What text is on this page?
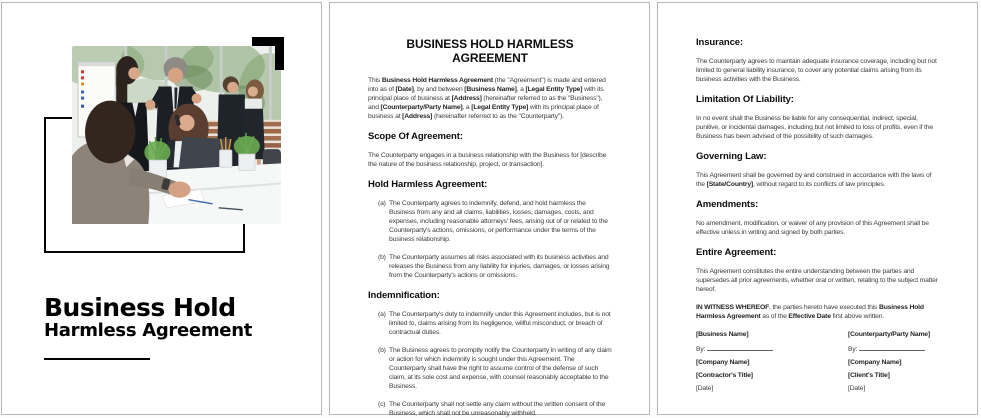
Business Hold
Harmless Agreement
BUSINESS HOLD HARMLESS AGREEMENT

This Business Hold Harmless Agreement (the "Agreement") is made and entered into as of [Date], by and between [Business Name], a [Legal Entity Type] with its principal place of business at [Address] (hereinafter referred to as the "Business"), and [Counterparty/Party Name], a [Legal Entity Type] with its principal place of business at [Address] (hereinafter referred to as the "Counterparty").

Scope Of Agreement:

The Counterparty engages in a business relationship with the Business for [describe the nature of the business relationship, project, or transaction].

Hold Harmless Agreement:
(a) The Counterparty agrees to indemnify, defend, and hold harmless the Business from any and all claims, liabilities, losses, damages, costs, and expenses, including reasonable attorneys' fees, arising out of or related to the Counterparty's actions, omissions, or performance under the terms of the business relationship.
(b) The Counterparty assumes all risks associated with its business activities and releases the Business from any liability for injuries, damages, or losses arising from the Counterparty's actions or omissions.
Indemnification:
(a) The Counterparty's duty to indemnify under this Agreement includes, but is not limited to, claims arising from its negligence, willful misconduct, or breach of contractual duties.
(b) The Business agrees to promptly notify the Counterparty in writing of any claim or action for which indemnity is sought under this Agreement. The Counterparty shall have the right to assume control of the defense of such claim, at its sole cost and expense, with counsel reasonably acceptable to the Business.
(c) The Counterparty shall not settle any claim without the written consent of the Business, which shall not be unreasonably withheld.
Insurance:

The Counterparty agrees to maintain adequate insurance coverage, including but not limited to general liability insurance, to cover any potential claims arising from its business activities with the Business.

Limitation Of Liability:

In no event shall the Business be liable for any consequential, indirect, special, punitive, or incidental damages, including but not limited to loss of profits, even if the Business has been advised of the possibility of such damages.

Governing Law:

This Agreement shall be governed by and construed in accordance with the laws of the [State/Country], without regard to its conflicts of law principles.

Amendments:

No amendment, modification, or waiver of any provision of this Agreement shall be effective unless in writing and signed by both parties.

Entire Agreement:

This Agreement constitutes the entire understanding between the parties and supersedes all prior agreements, whether oral or written, relating to the subject matter hereof.

IN WITNESS WHEREOF, the parties hereto have executed this Business Hold Harmless Agreement as of the Effective Date first above written.

[Business Name]
By:
[Company Name]
[Contractor's Title]
[Date]
[Counterparty/Party Name]
By:
[Company Name]
[Client's Title]
[Date]
